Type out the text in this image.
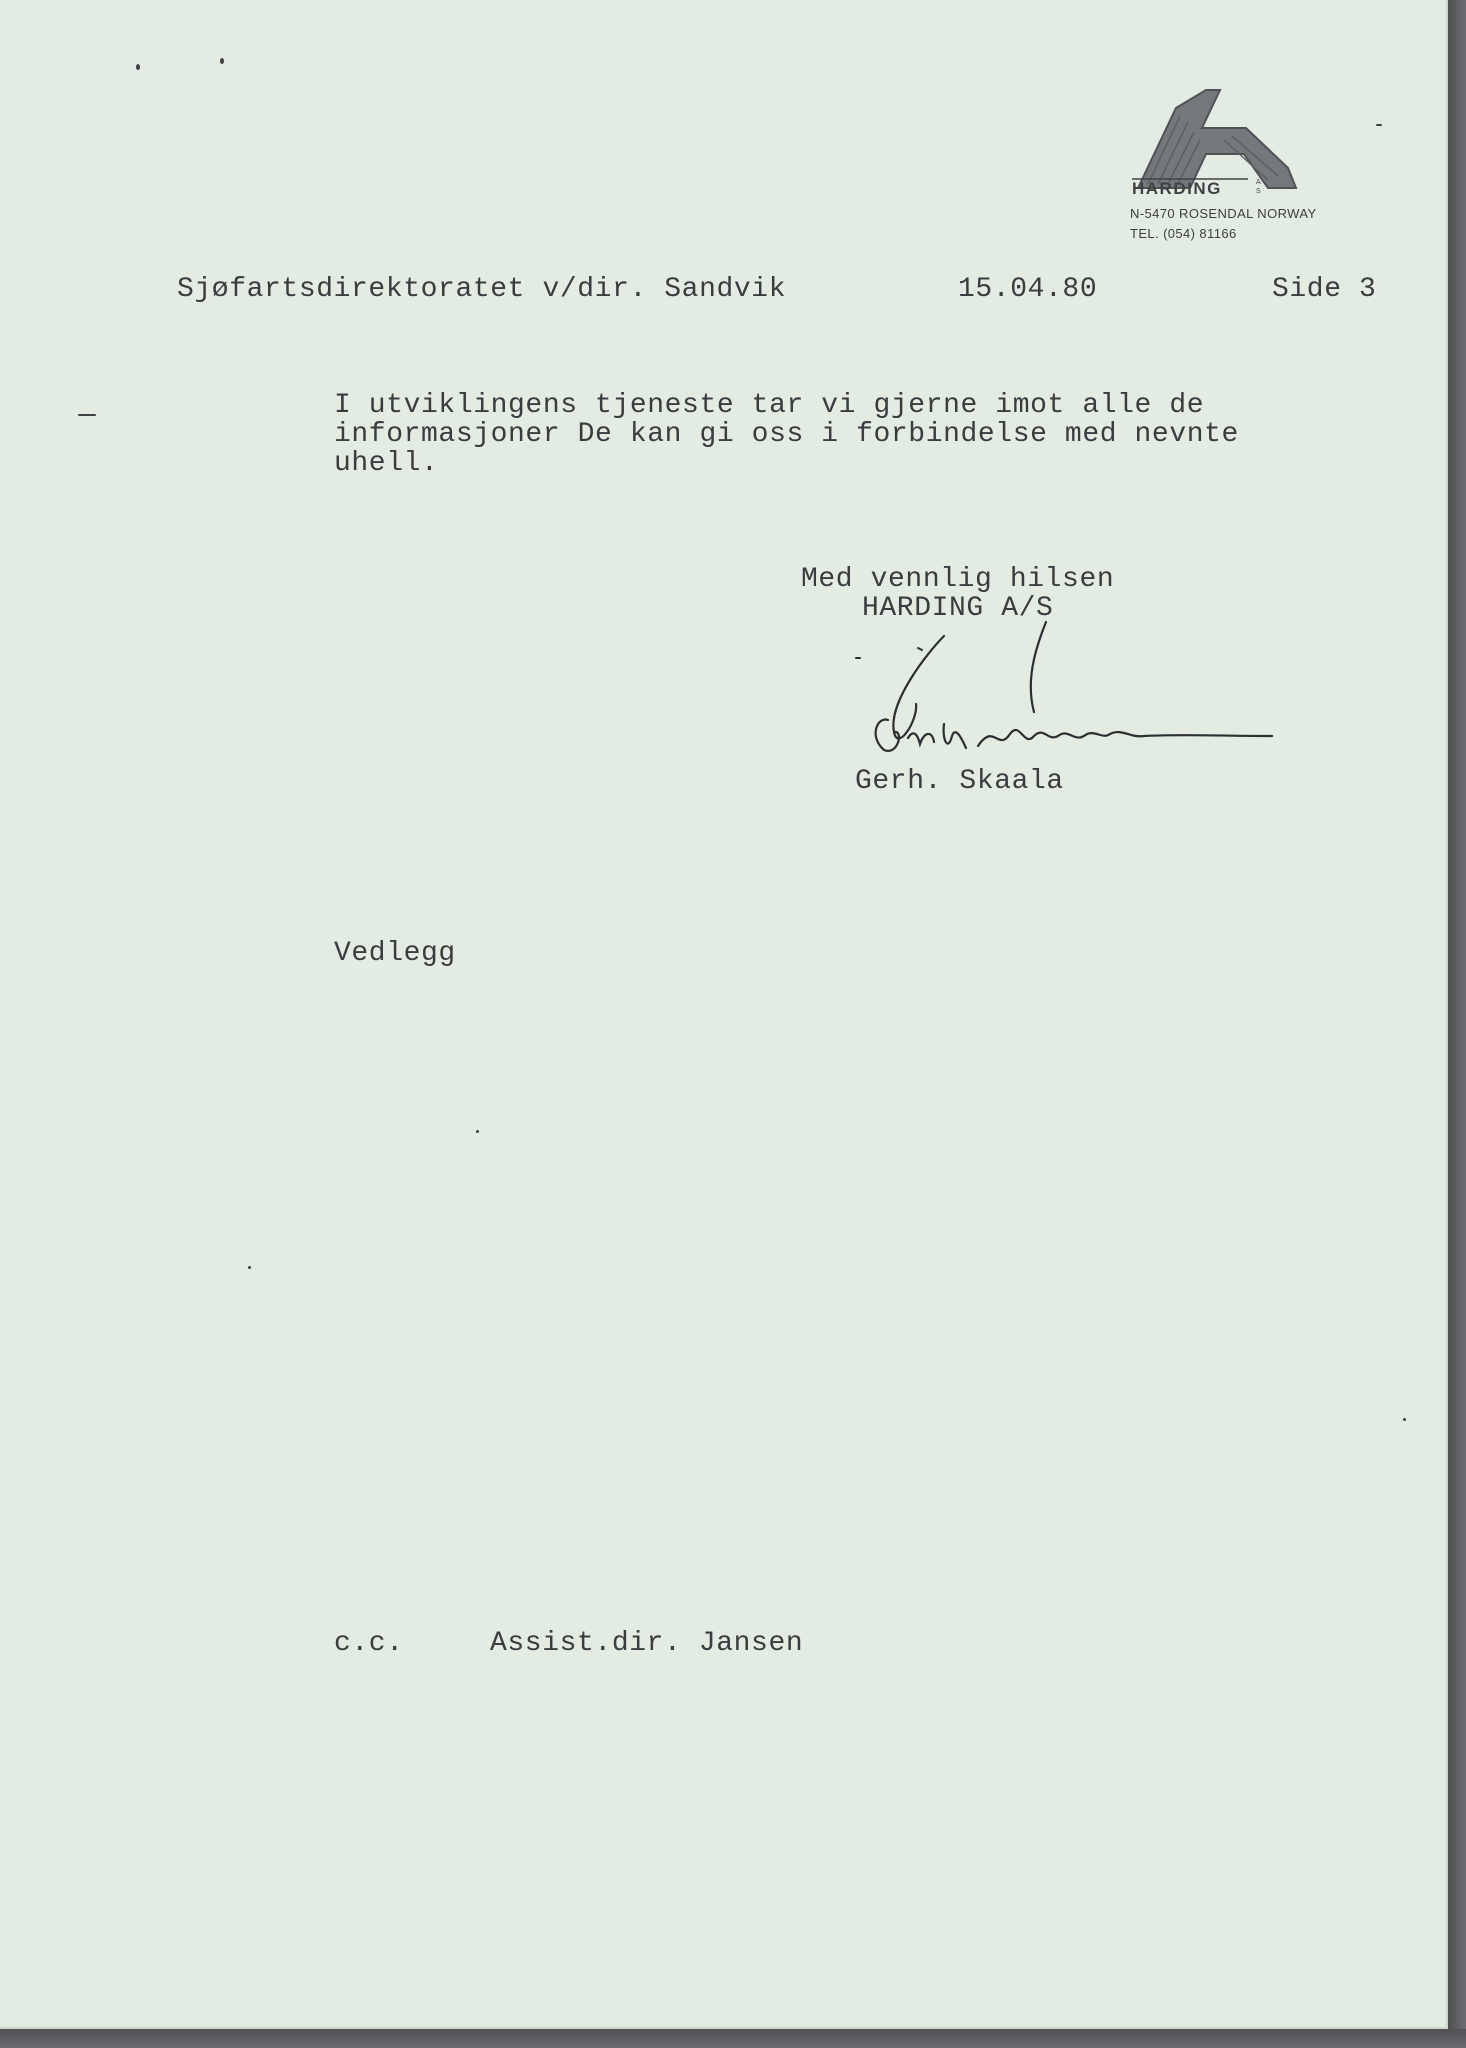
HARDING	A
S
N-5470 ROSENDAL NORWAY
TEL. (054) 81166
Sjøfartsdirektoratet v/dir. Sandvik	15.04.80	Side 3
I utviklingens tjeneste tar vi gjerne imot alle de
informasjoner De kan gi oss i forbindelse med nevnte
uhell.
Med vennlig hilsen
HARDING A/S
Gerh. Skaala
Vedlegg
c.c.	Assist.dir. Jansen
